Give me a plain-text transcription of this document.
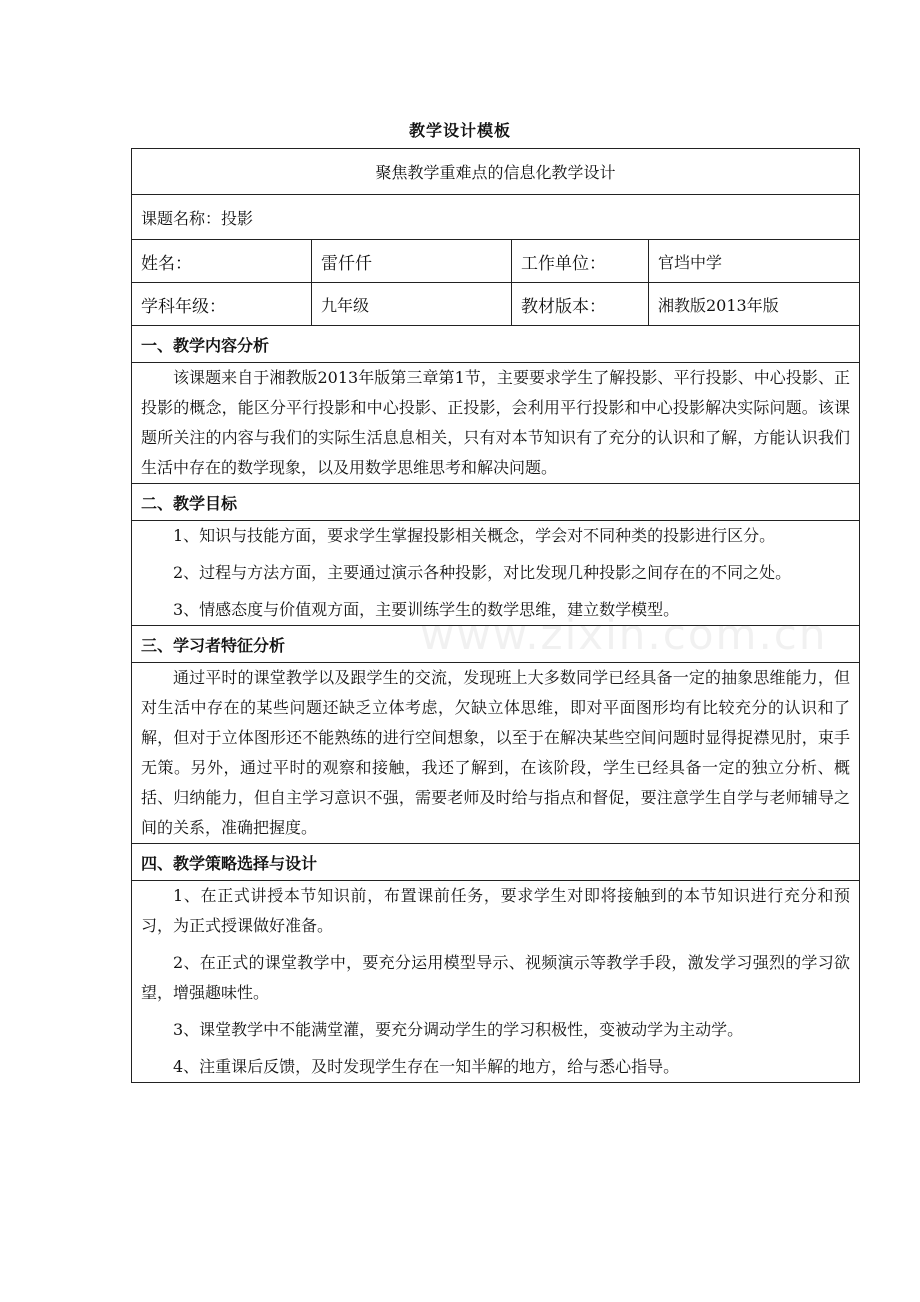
教学设计模板
聚焦教学重难点的信息化教学设计			
课题名称：投影			
姓名：	雷仟仟	工作单位：	官垱中学
学科年级：	九年级	教材版本：	湘教版2013年版
一、教学内容分析			

该课题来自于湘教版2013年版第三章第1节，主要要求学生了解投影、平行投影、中心投影、正投影的概念，能区分平行投影和中心投影、正投影，会利用平行投影和中心投影解决实际问题。该课题所关注的内容与我们的实际生活息息相关，只有对本节知识有了充分的认识和了解，方能认识我们生活中存在的数学现象，以及用数学思维思考和解决问题。			

二、教学目标			

1、知识与技能方面，要求学生掌握投影相关概念，学会对不同种类的投影进行区分。

2、过程与方法方面，主要通过演示各种投影，对比发现几种投影之间存在的不同之处。

3、情感态度与价值观方面，主要训练学生的数学思维，建立数学模型。			

三、学习者特征分析			

通过平时的课堂教学以及跟学生的交流，发现班上大多数同学已经具备一定的抽象思维能力，但对生活中存在的某些问题还缺乏立体考虑，欠缺立体思维，即对平面图形均有比较充分的认识和了解，但对于立体图形还不能熟练的进行空间想象，以至于在解决某些空间问题时显得捉襟见肘，束手无策。另外，通过平时的观察和接触，我还了解到，在该阶段，学生已经具备一定的独立分析、概括、归纳能力，但自主学习意识不强，需要老师及时给与指点和督促，要注意学生自学与老师辅导之间的关系，准确把握度。			

四、教学策略选择与设计			

1、在正式讲授本节知识前，布置课前任务，要求学生对即将接触到的本节知识进行充分和预习，为正式授课做好准备。

2、在正式的课堂教学中，要充分运用模型导示、视频演示等教学手段，激发学习强烈的学习欲望，增强趣味性。

3、课堂教学中不能满堂灌，要充分调动学生的学习积极性，变被动学为主动学。

4、注重课后反馈，及时发现学生存在一知半解的地方，给与悉心指导。			

www.zixin.com.cn
